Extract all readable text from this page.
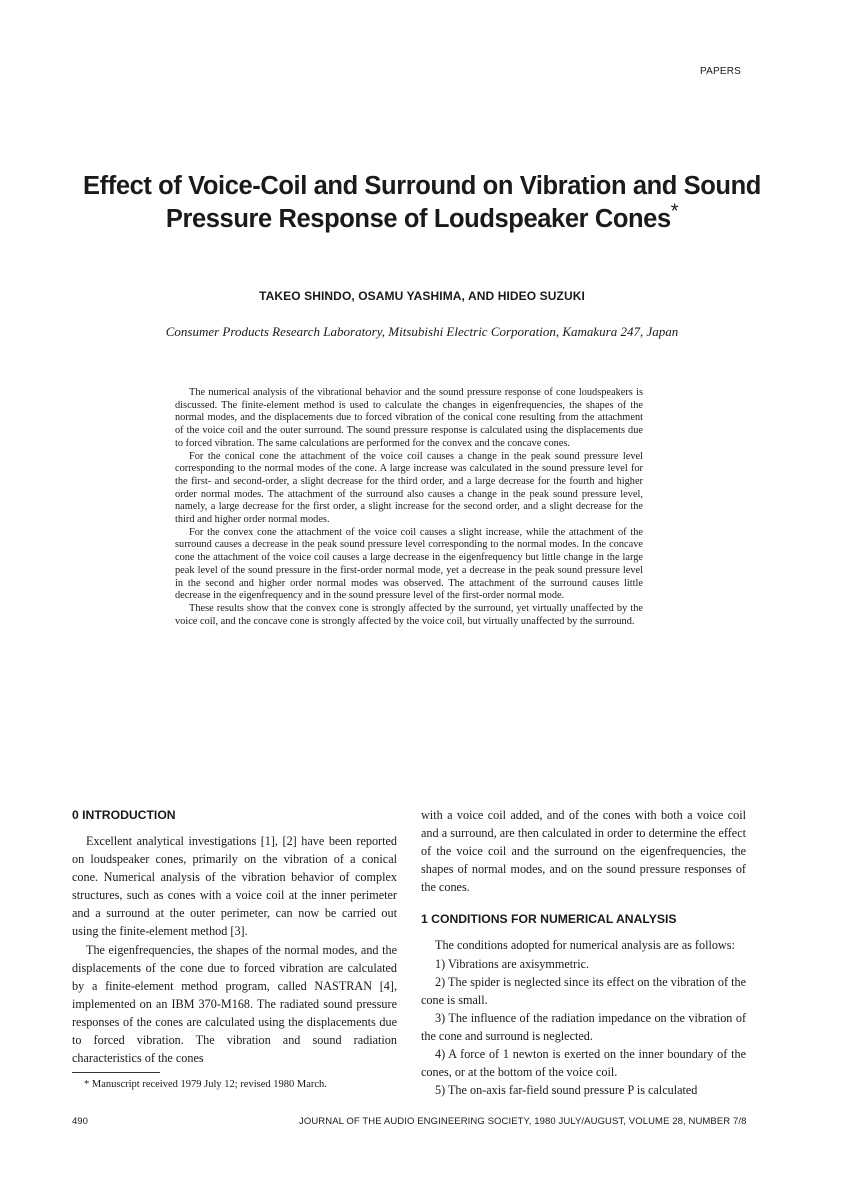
PAPERS
Effect of Voice-Coil and Surround on Vibration and Sound Pressure Response of Loudspeaker Cones*
TAKEO SHINDO, OSAMU YASHIMA, AND HIDEO SUZUKI
Consumer Products Research Laboratory, Mitsubishi Electric Corporation, Kamakura 247, Japan

The numerical analysis of the vibrational behavior and the sound pressure response of cone loudspeakers is discussed. The finite-element method is used to calculate the changes in eigenfrequencies, the shapes of the normal modes, and the displacements due to forced vibration of the conical cone resulting from the attachment of the voice coil and the outer surround. The sound pressure response is calculated using the displacements due to forced vibration. The same calculations are performed for the convex and the concave cones.

For the conical cone the attachment of the voice coil causes a change in the peak sound pressure level corresponding to the normal modes of the cone. A large increase was calculated in the sound pressure level for the first- and second-order, a slight decrease for the third order, and a large decrease for the fourth and higher order normal modes. The attachment of the surround also causes a change in the peak sound pressure level, namely, a large decrease for the first order, a slight increase for the second order, and a slight decrease for the third and higher order normal modes.

For the convex cone the attachment of the voice coil causes a slight increase, while the attachment of the surround causes a decrease in the peak sound pressure level corresponding to the normal modes. In the concave cone the attachment of the voice coil causes a large decrease in the eigenfrequency but little change in the large peak level of the sound pressure in the first-order normal mode, yet a decrease in the peak sound pressure level in the second and higher order normal modes was observed. The attachment of the surround causes little decrease in the eigenfrequency and in the sound pressure level of the first-order normal mode.

These results show that the convex cone is strongly affected by the surround, yet virtually unaffected by the voice coil, and the concave cone is strongly affected by the voice coil, but virtually unaffected by the surround.

0 INTRODUCTION

Excellent analytical investigations [1], [2] have been reported on loudspeaker cones, primarily on the vibration of a conical cone. Numerical analysis of the vibration behavior of complex structures, such as cones with a voice coil at the inner perimeter and a surround at the outer perimeter, can now be carried out using the finite-element method [3].

The eigenfrequencies, the shapes of the normal modes, and the displacements of the cone due to forced vibration are calculated by a finite-element method program, called NASTRAN [4], implemented on an IBM 370-M168. The radiated sound pressure responses of the cones are calculated using the displacements due to forced vibration. The vibration and sound radiation characteristics of the cones

with a voice coil added, and of the cones with both a voice coil and a surround, are then calculated in order to determine the effect of the voice coil and the surround on the eigenfrequencies, the shapes of normal modes, and on the sound pressure responses of the cones.

1 CONDITIONS FOR NUMERICAL ANALYSIS

The conditions adopted for numerical analysis are as follows:

1) Vibrations are axisymmetric.

2) The spider is neglected since its effect on the vibration of the cone is small.

3) The influence of the radiation impedance on the vibration of the cone and surround is neglected.

4) A force of 1 newton is exerted on the inner boundary of the cones, or at the bottom of the voice coil.

5) The on-axis far-field sound pressure P is calculated

* Manuscript received 1979 July 12; revised 1980 March.
490	JOURNAL OF THE AUDIO ENGINEERING SOCIETY, 1980 JULY/AUGUST, VOLUME 28, NUMBER 7/8
